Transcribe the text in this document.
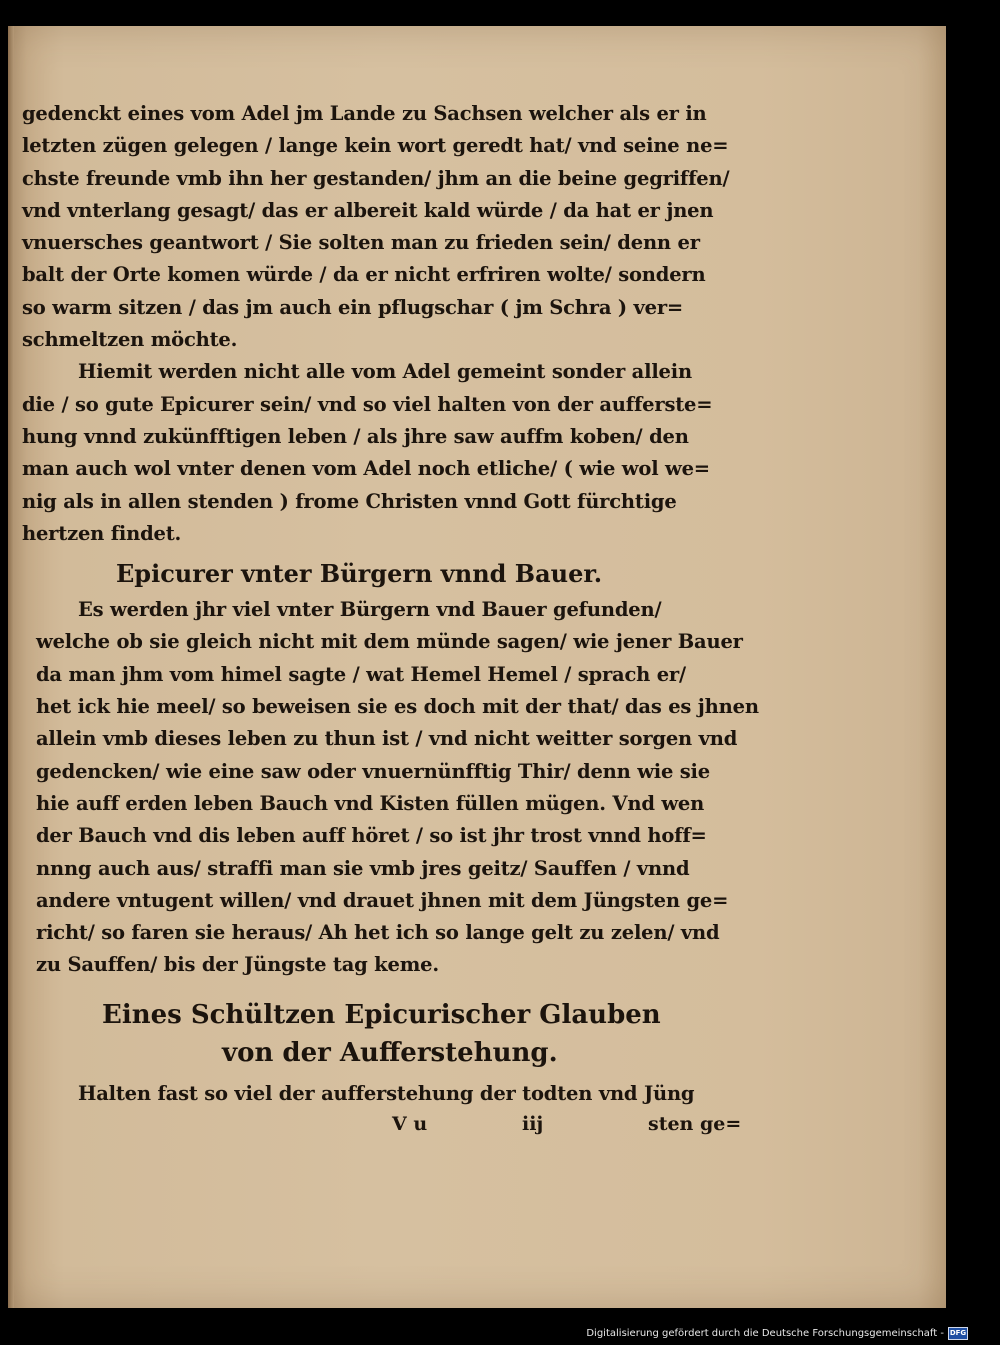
gedenckt eines vom Adel jm Lande zu Sachsen welcher als er in
letzten zügen gelegen / lange kein wort geredt hat/ vnd seine ne=
chste freunde vmb ihn her gestanden/ jhm an die beine gegriffen/
vnd vnterlang gesagt/ das er albereit kald würde / da hat er jnen
vnuersches geantwort / Sie solten man zu frieden sein/ denn er
balt der Orte komen würde / da er nicht erfriren wolte/ sondern
so warm sitzen / das jm auch ein pflugschar ( jm Schra ) ver=
schmeltzen möchte.
Hiemit werden nicht alle vom Adel gemeint sonder allein
die / so gute Epicurer sein/ vnd so viel halten von der aufferste=
hung vnnd zukünfftigen leben / als jhre saw auffm koben/ den
man auch wol vnter denen vom Adel noch etliche/ ( wie wol we=
nig als in allen stenden ) frome Christen vnnd Gott fürchtige
hertzen findet.
Epicurer vnter Bürgern vnnd Bauer.
Es werden jhr viel vnter Bürgern vnd Bauer gefunden/
welche ob sie gleich nicht mit dem münde sagen/ wie jener Bauer
da man jhm vom himel sagte / wat Hemel Hemel / sprach er/
het ick hie meel/ so beweisen sie es doch mit der that/ das es jhnen
allein vmb dieses leben zu thun ist / vnd nicht weitter sorgen vnd
gedencken/ wie eine saw oder vnuernünfftig Thir/ denn wie sie
hie auff erden leben Bauch vnd Kisten füllen mügen. Vnd wen
der Bauch vnd dis leben auff höret / so ist jhr trost vnnd hoff=
nnng auch aus/ straffi man sie vmb jres geitz/ Sauffen / vnnd
andere vntugent willen/ vnd drauet jhnen mit dem Jüngsten ge=
richt/ so faren sie heraus/ Ah het ich so lange gelt zu zelen/ vnd
zu Sauffen/ bis der Jüngste tag keme.
Eines Schültzen Epicurischer Glauben
von der Aufferstehung.
Halten fast so viel der aufferstehung der todten vnd Jüng
V u	iij	sten ge=
Digitalisierung gefördert durch die Deutsche Forschungsgemeinschaft - DFG
